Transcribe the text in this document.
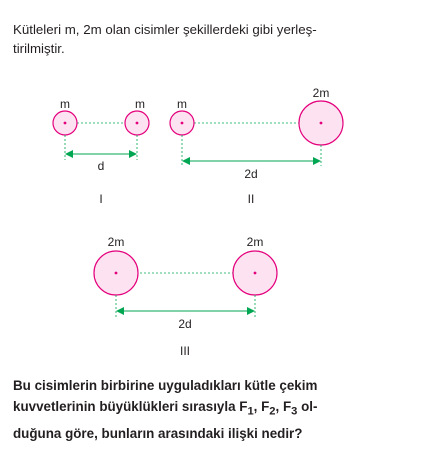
Kütleleri m, 2m olan cisimler şekillerdeki gibi yerleş-
tirilmiştir.

m	m
d
I
m
2m
2d
II
2m	2m
2d
III

Bu cisimlerin birbirine uyguladıkları kütle çekim
kuvvetlerinin büyüklükleri sırasıyla $F_1$, $F_2$, $F_3$ ol-
duğuna göre, bunların arasındaki ilişki nedir?
